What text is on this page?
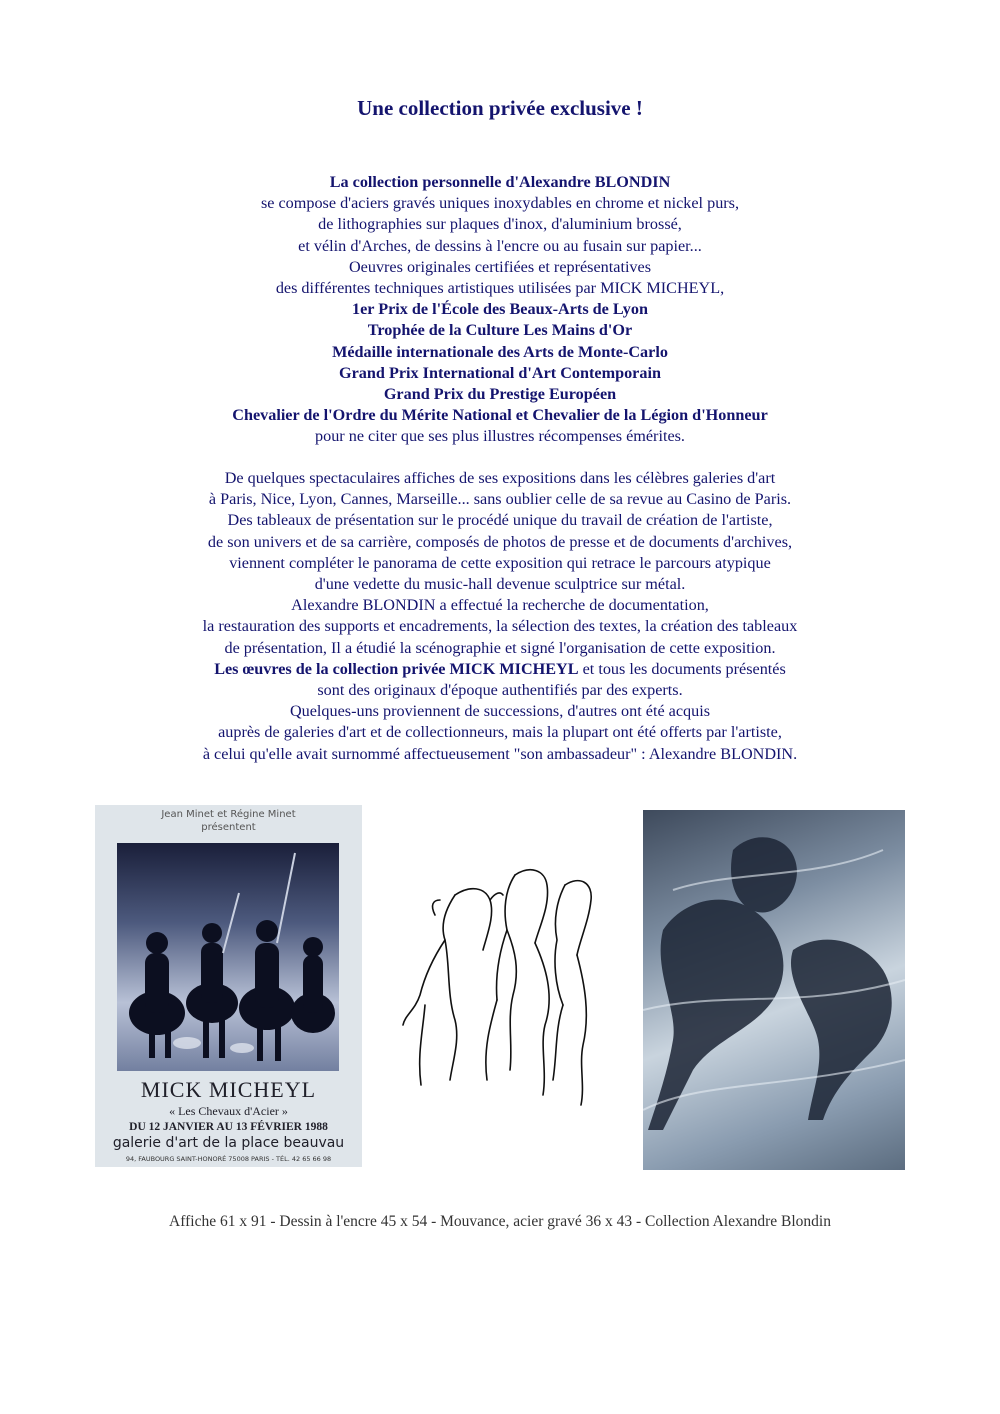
Une collection privée exclusive !
La collection personnelle d'Alexandre BLONDIN
se compose d'aciers gravés uniques inoxydables en chrome et nickel purs,
de lithographies sur plaques d'inox, d'aluminium brossé,
et vélin d'Arches, de dessins à l'encre ou au fusain sur papier...
Oeuvres originales certifiées et représentatives
des différentes techniques artistiques utilisées par MICK MICHEYL,
1er Prix de l'École des Beaux-Arts de Lyon
Trophée de la Culture Les Mains d'Or
Médaille internationale des Arts de Monte-Carlo
Grand Prix International d'Art Contemporain
Grand Prix du Prestige Européen
Chevalier de l'Ordre du Mérite National et Chevalier de la Légion d'Honneur
pour ne citer que ses plus illustres récompenses émérites.
De quelques spectaculaires affiches de ses expositions dans les célèbres galeries d'art
à Paris, Nice, Lyon, Cannes, Marseille... sans oublier celle de sa revue au Casino de Paris.
Des tableaux de présentation sur le procédé unique du travail de création de l'artiste,
de son univers et de sa carrière, composés de photos de presse et de documents d'archives,
viennent compléter le panorama de cette exposition qui retrace le parcours atypique
d'une vedette du music-hall devenue sculptrice sur métal.
Alexandre BLONDIN a effectué la recherche de documentation,
la restauration des supports et encadrements, la sélection des textes, la création des tableaux
de présentation, Il a étudié la scénographie et signé l'organisation de cette exposition.
Les œuvres de la collection privée MICK MICHEYL et tous les documents présentés
sont des originaux d'époque authentifiés par des experts.
Quelques-uns proviennent de successions, d'autres ont été acquis
auprès de galeries d'art et de collectionneurs, mais la plupart ont été offerts par l'artiste,
à celui qu'elle avait surnommé affectueusement "son ambassadeur" : Alexandre BLONDIN.
Jean Minet et Régine Minet
présentent
MICK MICHEYL
« Les Chevaux d'Acier »
DU 12 JANVIER AU 13 FÉVRIER 1988
galerie d'art de la place beauvau
94, FAUBOURG SAINT-HONORÉ 75008 PARIS - TÉL. 42 65 66 98
Affiche 61 x 91 - Dessin à l'encre 45 x 54 - Mouvance, acier gravé 36 x 43 - Collection Alexandre Blondin
